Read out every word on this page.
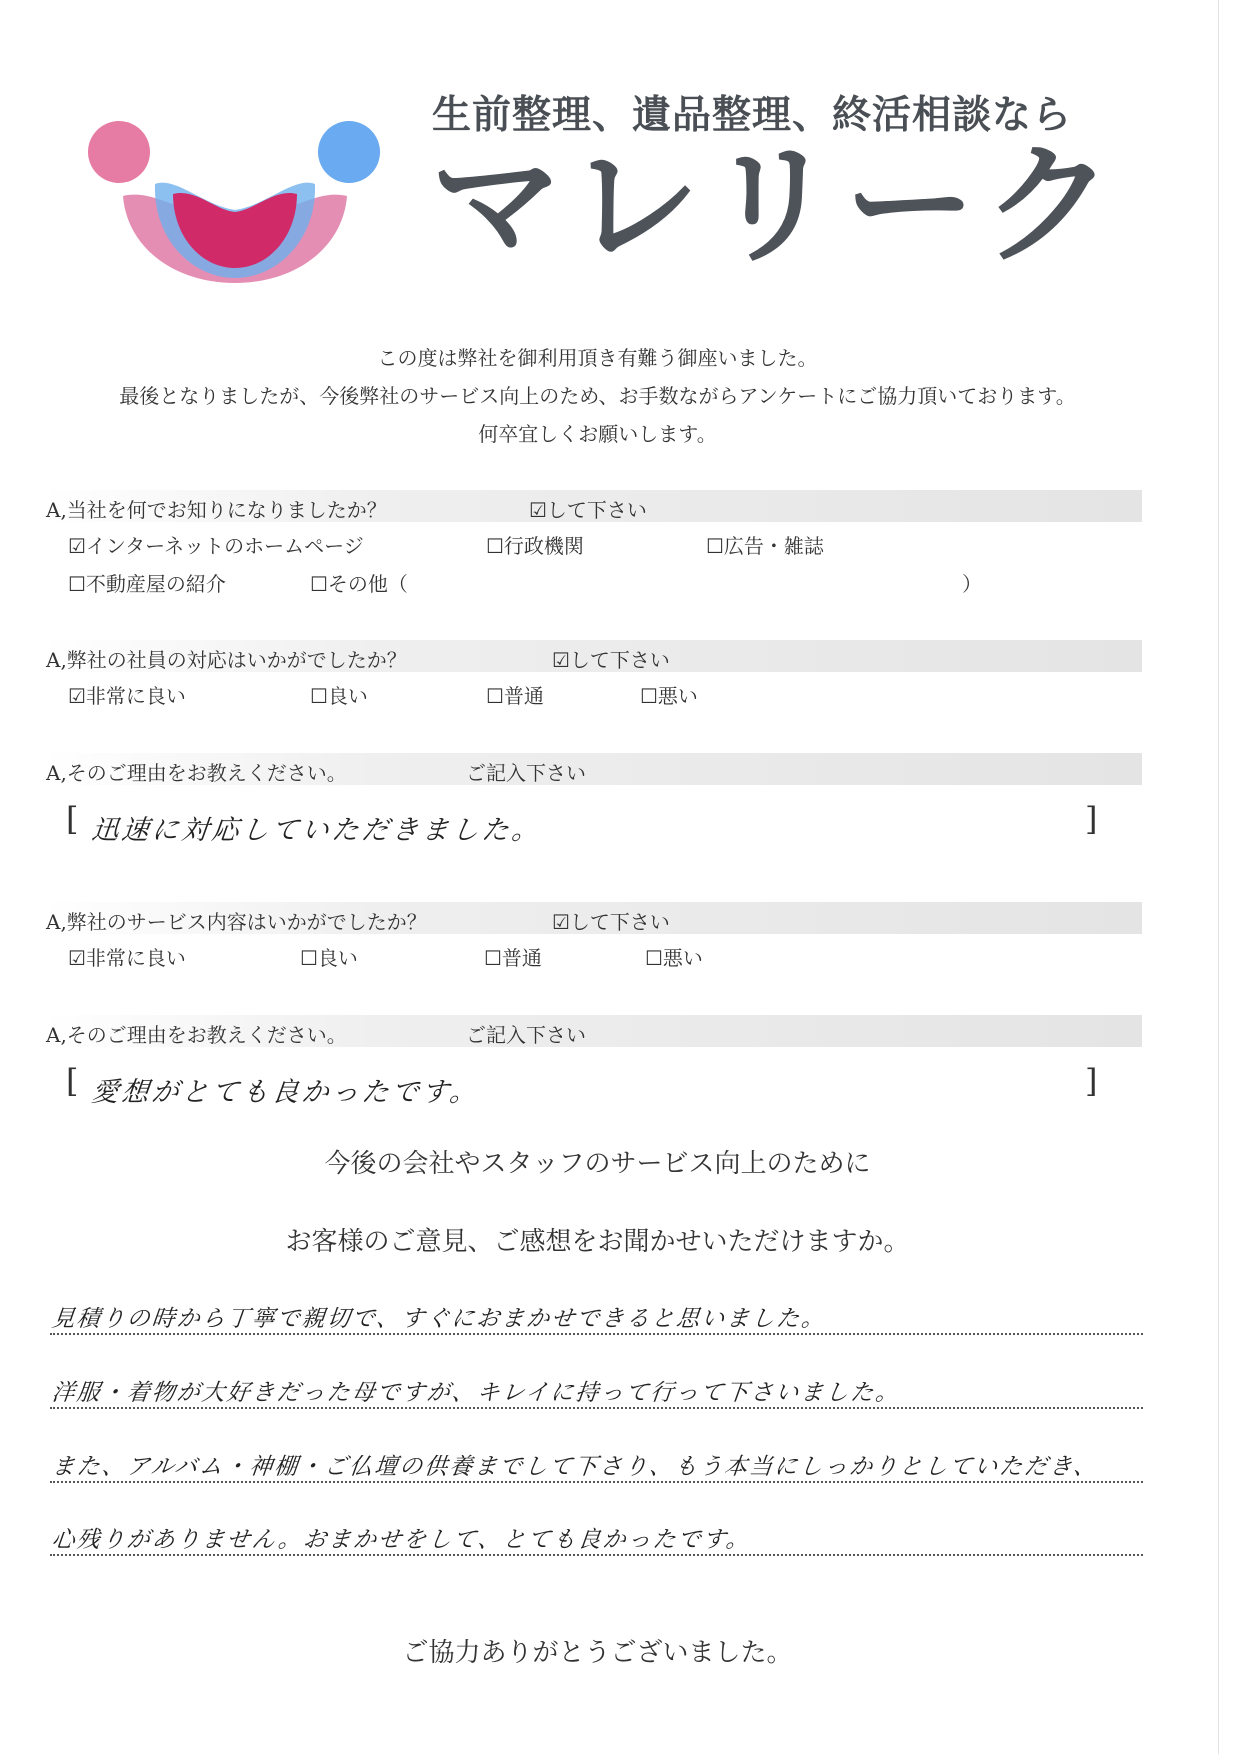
生前整理、遺品整理、終活相談なら
マレリーク
この度は弊社を御利用頂き有難う御座いました。
最後となりましたが、今後弊社のサービス向上のため、お手数ながらアンケートにご協力頂いております。
何卒宜しくお願いします。
A,当社を何でお知りになりましたか？	☑して下さい
☑インターネットのホームページ	☐行政機関	☐広告・雑誌
☐不動産屋の紹介	☐その他（	）
A,弊社の社員の対応はいかがでしたか？	☑して下さい
☑非常に良い	☐良い	☐普通	☐悪い
A,そのご理由をお教えください。	ご記入下さい
[ 迅速に対応していただきました。	]
A,弊社のサービス内容はいかがでしたか？	☑して下さい
☑非常に良い	☐良い	☐普通	☐悪い
A,そのご理由をお教えください。	ご記入下さい
[ 愛想がとても良かったです。	]
今後の会社やスタッフのサービス向上のために
お客様のご意見、ご感想をお聞かせいただけますか。
見積りの時から丁寧で親切で、すぐにおまかせできると思いました。
洋服・着物が大好きだった母ですが、キレイに持って行って下さいました。
また、アルバム・神棚・ご仏壇の供養までして下さり、もう本当にしっかりとしていただき、
心残りがありません。おまかせをして、とても良かったです。
ご協力ありがとうございました。
